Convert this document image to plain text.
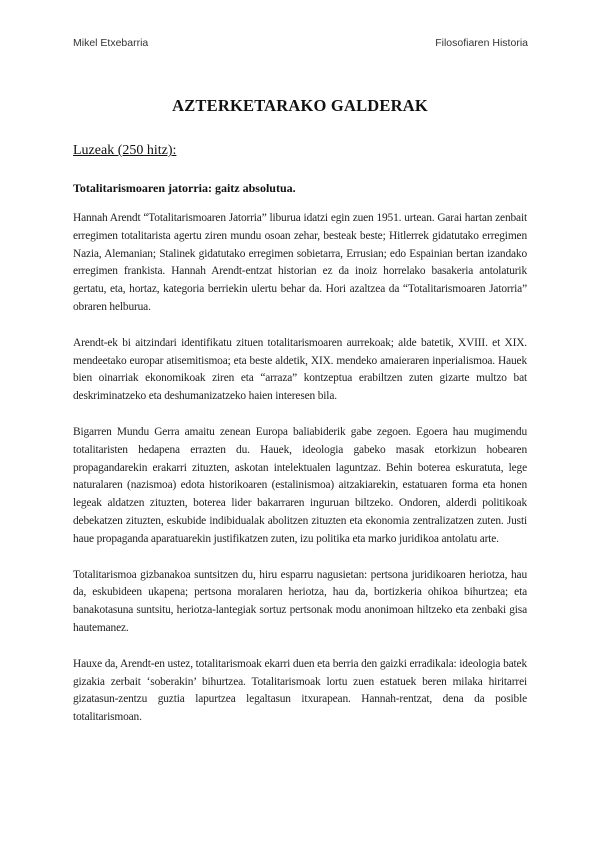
Mikel Etxebarria	Filosofiaren Historia
AZTERKETARAKO GALDERAK
Luzeak (250 hitz):
Totalitarismoaren jatorria: gaitz absolutua.

Hannah Arendt “Totalitarismoaren Jatorria” liburua idatzi egin zuen 1951. urtean. Garai hartan zenbait erregimen totalitarista agertu ziren mundu osoan zehar, besteak beste; Hitlerrek gidatutako erregimen Nazia, Alemanian; Stalinek gidatutako erregimen sobietarra, Errusian; edo Espainian bertan izandako erregimen frankista. Hannah Arendt-entzat historian ez da inoiz horrelako basakeria antolaturik gertatu, eta, hortaz, kategoria berriekin ulertu behar da. Hori azaltzea da “Totalitarismoaren Jatorria” obraren helburua.

Arendt-ek bi aitzindari identifikatu zituen totalitarismoaren aurrekoak; alde batetik, XVIII. et XIX. mendeetako europar atisemitismoa; eta beste aldetik, XIX. mendeko amaieraren inperialismoa. Hauek bien oinarriak ekonomikoak ziren eta “arraza” kontzeptua erabiltzen zuten gizarte multzo bat deskriminatzeko eta deshumanizatzeko haien interesen bila.

Bigarren Mundu Gerra amaitu zenean Europa baliabiderik gabe zegoen. Egoera hau mugimendu totalitaristen hedapena errazten du. Hauek, ideologia gabeko masak etorkizun hobearen propagandarekin erakarri zituzten, askotan intelektualen laguntzaz. Behin boterea eskuratuta, lege naturalaren (nazismoa) edota historikoaren (estalinismoa) aitzakiarekin, estatuaren forma eta honen legeak aldatzen zituzten, boterea lider bakarraren inguruan biltzeko. Ondoren, alderdi politikoak debekatzen zituzten, eskubide indibidualak abolitzen zituzten eta ekonomia zentralizatzen zuten. Justi haue propaganda aparatuarekin justifikatzen zuten, izu politika eta marko juridikoa antolatu arte.

Totalitarismoa gizbanakoa suntsitzen du, hiru esparru nagusietan: pertsona juridikoaren heriotza, hau da, eskubideen ukapena; pertsona moralaren heriotza, hau da, bortizkeria ohikoa bihurtzea; eta banakotasuna suntsitu, heriotza-lantegiak sortuz pertsonak modu anonimoan hiltzeko eta zenbaki gisa hautemanez.

Hauxe da, Arendt-en ustez, totalitarismoak ekarri duen eta berria den gaizki erradikala: ideologia batek gizakia zerbait ‘soberakin’ bihurtzea. Totalitarismoak lortu zuen estatuek beren milaka hiritarrei gizatasun-zentzu guztia lapurtzea legaltasun itxurapean. Hannah-rentzat, dena da posible totalitarismoan.
